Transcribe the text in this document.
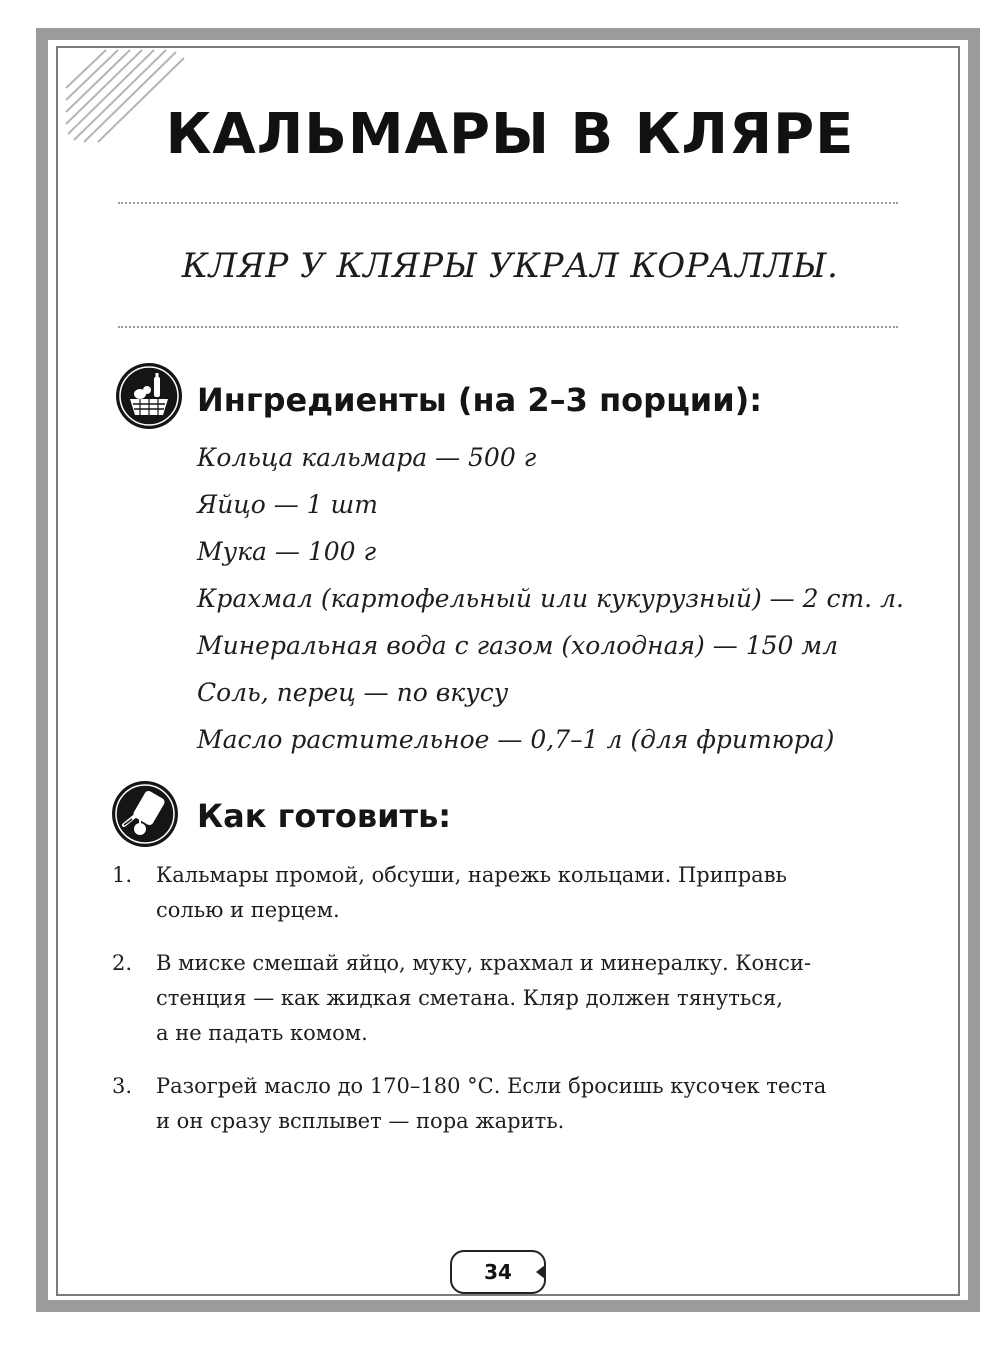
КАЛЬМАРЫ В КЛЯРЕ

КЛЯР У КЛЯРЫ УКРАЛ КОРАЛЛЫ.

Ингредиенты (на 2–3 порции):
Кольца кальмара — 500 г
Яйцо — 1 шт
Мука — 100 г
Крахмал (картофельный или кукурузный) — 2 ст. л.
Минеральная вода с газом (холодная) — 150 мл
Соль, перец — по вкусу
Масло растительное — 0,7–1 л (для фритюра)
Как готовить:
1. Кальмары промой, обсуши, нарежь кольцами. Приправь
солью и перцем.
2. В миске смешай яйцо, муку, крахмал и минералку. Конси-
стенция — как жидкая сметана. Кляр должен тянуться,
а не падать комом.
3. Разогрей масло до 170–180 °С. Если бросишь кусочек теста
и он сразу всплывет — пора жарить.
34
